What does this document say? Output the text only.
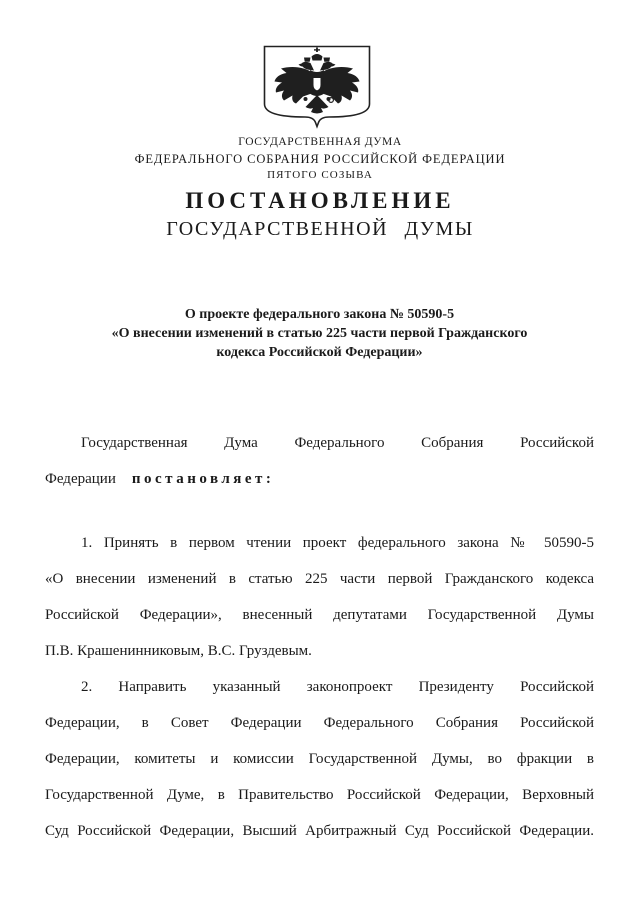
ГОСУДАРСТВЕННАЯ ДУМА
ФЕДЕРАЛЬНОГО СОБРАНИЯ РОССИЙСКОЙ ФЕДЕРАЦИИ
ПЯТОГО СОЗЫВА
ПОСТАНОВЛЕНИЕ
ГОСУДАРСТВЕННОЙ ДУМЫ
О проекте федерального закона № 50590-5
«О внесении изменений в статью 225 части первой Гражданского
кодекса Российской Федерации»
Государственная Дума Федерального Собрания Российской
Федерации постановляет:
1. Принять в первом чтении проект федерального закона № 50590-5
«О внесении изменений в статью 225 части первой Гражданского кодекса
Российской Федерации», внесенный депутатами Государственной Думы
П.В. Крашенинниковым, В.С. Груздевым.
2. Направить указанный законопроект Президенту Российской
Федерации, в Совет Федерации Федерального Собрания Российской
Федерации, комитеты и комиссии Государственной Думы, во фракции в
Государственной Думе, в Правительство Российской Федерации, Верховный
Суд Российской Федерации, Высший Арбитражный Суд Российской Федерации.
